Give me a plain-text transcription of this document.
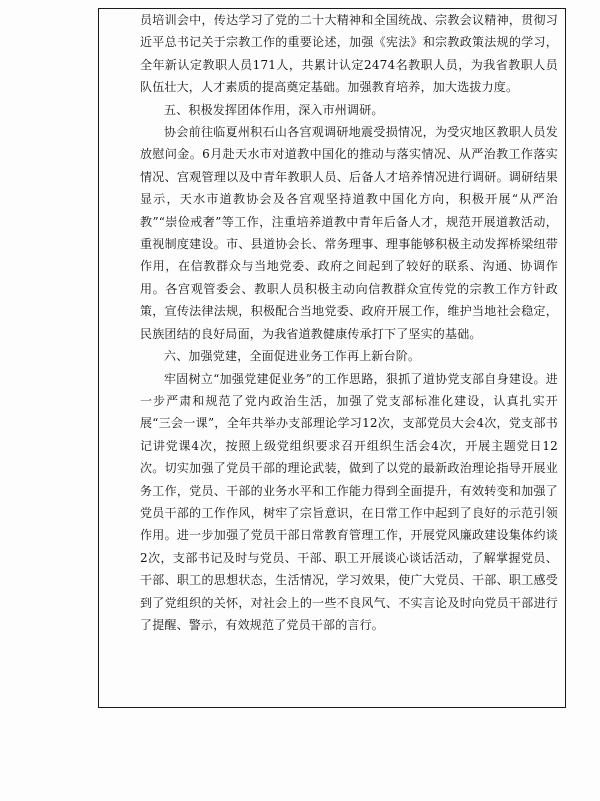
员培训会中，传达学习了党的二十大精神和全国统战、宗教会议精神，贯彻习近平总书记关于宗教工作的重要论述，加强《宪法》和宗教政策法规的学习，全年新认定教职人员171人，共累计认定2474名教职人员，为我省教职人员队伍壮大，人才素质的提高奠定基础。加强教育培养，加大选拔力度。

五、积极发挥团体作用，深入市州调研。

协会前往临夏州积石山各宫观调研地震受损情况，为受灾地区教职人员发放慰问金。6月赴天水市对道教中国化的推动与落实情况、从严治教工作落实情况、宫观管理以及中青年教职人员、后备人才培养情况进行调研。调研结果显示，天水市道教协会及各宫观坚持道教中国化方向，积极开展“从严治教”“崇俭戒奢”等工作，注重培养道教中青年后备人才，规范开展道教活动，重视制度建设。市、县道协会长、常务理事、理事能够积极主动发挥桥梁纽带作用，在信教群众与当地党委、政府之间起到了较好的联系、沟通、协调作用。各宫观管委会、教职人员积极主动向信教群众宣传党的宗教工作方针政策，宣传法律法规，积极配合当地党委、政府开展工作，维护当地社会稳定，民族团结的良好局面，为我省道教健康传承打下了坚实的基础。

六、加强党建，全面促进业务工作再上新台阶。

牢固树立“加强党建促业务”的工作思路，狠抓了道协党支部自身建设。进一步严肃和规范了党内政治生活，加强了党支部标准化建设，认真扎实开展“三会一课”，全年共举办支部理论学习12次，支部党员大会4次，党支部书记讲党课4次，按照上级党组织要求召开组织生活会4次，开展主题党日12次。切实加强了党员干部的理论武装，做到了以党的最新政治理论指导开展业务工作，党员、干部的业务水平和工作能力得到全面提升，有效转变和加强了党员干部的工作作风，树牢了宗旨意识，在日常工作中起到了良好的示范引领作用。进一步加强了党员干部日常教育管理工作，开展党风廉政建设集体约谈2次，支部书记及时与党员、干部、职工开展谈心谈话活动，了解掌握党员、干部、职工的思想状态，生活情况，学习效果，使广大党员、干部、职工感受到了党组织的关怀，对社会上的一些不良风气、不实言论及时向党员干部进行了提醒、警示，有效规范了党员干部的言行。
